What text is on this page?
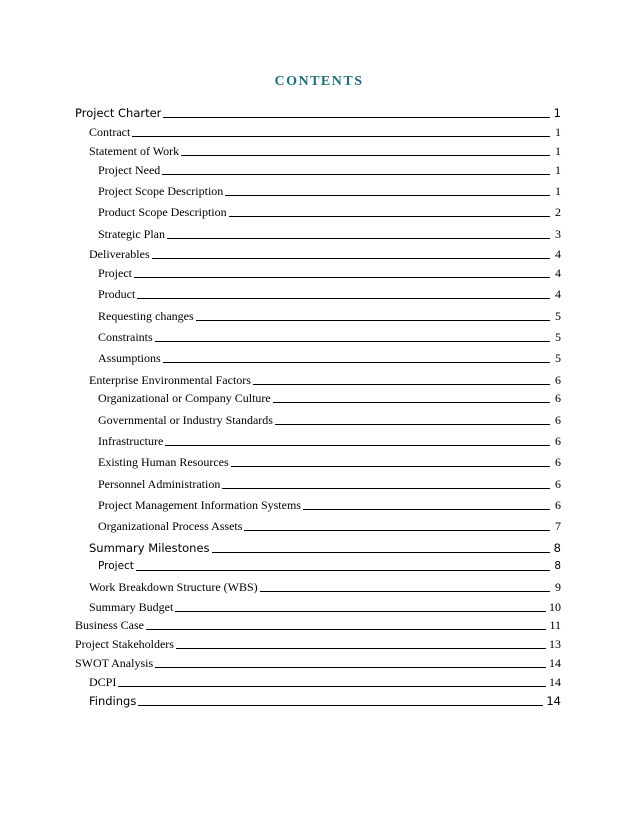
CONTENTS
Project Charter	1
Contract	1
Statement of Work	1
Project Need	1
Project Scope Description	1
Product Scope Description	2
Strategic Plan	3
Deliverables	4
Project	4
Product	4
Requesting changes	5
Constraints	5
Assumptions	5
Enterprise Environmental Factors	6
Organizational or Company Culture	6
Governmental or Industry Standards	6
Infrastructure	6
Existing Human Resources	6
Personnel Administration	6
Project Management Information Systems	6
Organizational Process Assets	7
Summary Milestones	8
Project	8
Work Breakdown Structure (WBS)	9
Summary Budget	10
Business Case	11
Project Stakeholders	13
SWOT Analysis	14
DCPI	14
Findings	14
